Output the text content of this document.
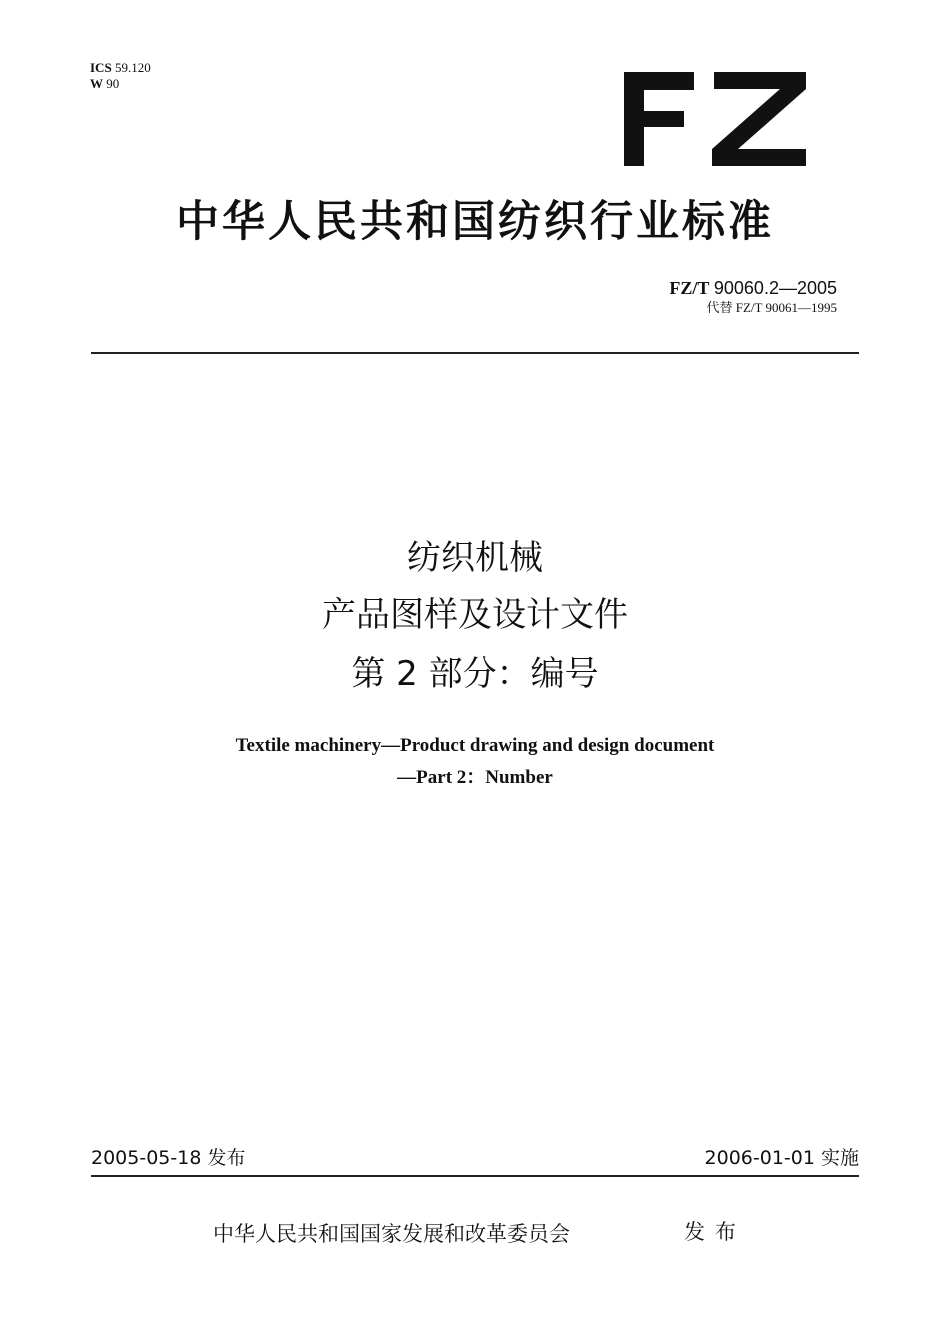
ICS 59.120
W 90
中华人民共和国纺织行业标准
FZ/T 90060.2—2005
代替 FZ/T 90061—1995
纺织机械
产品图样及设计文件
第 2 部分：编号
Textile machinery—Product drawing and design document
—Part 2：Number
2005-05-18 发布	2006-01-01 实施
中华人民共和国国家发展和改革委员会	发布
